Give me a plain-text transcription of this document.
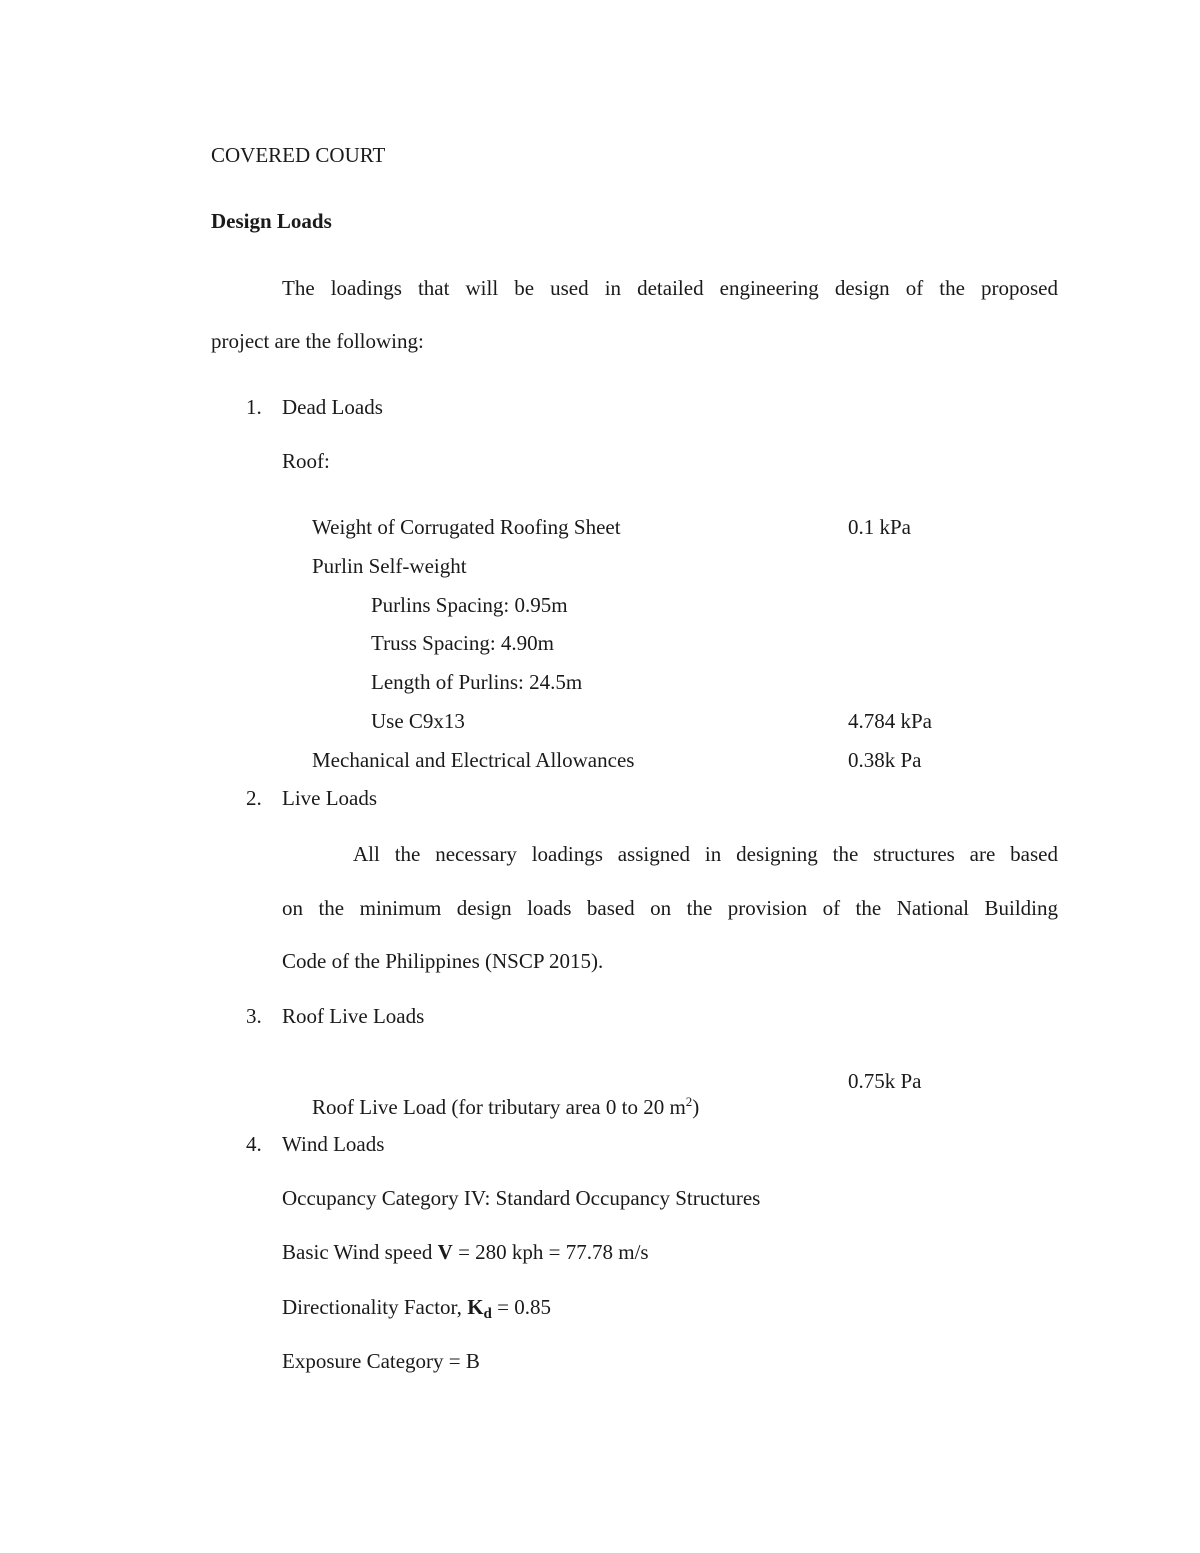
COVERED COURT
Design Loads
The loadings that will be used in detailed engineering design of the proposed
project are the following:
1. Dead Loads
Roof:
Weight of Corrugated Roofing Sheet	0.1 kPa
Purlin Self-weight
Purlins Spacing: 0.95m
Truss Spacing: 4.90m
Length of Purlins: 24.5m
Use C9x13	4.784 kPa
Mechanical and Electrical Allowances	0.38k Pa
2. Live Loads
All the necessary loadings assigned in designing the structures are based
on the minimum design loads based on the provision of the National Building
Code of the Philippines (NSCP 2015).
3. Roof Live Loads
0.75k Pa
Roof Live Load (for tributary area 0 to 20 $m^2$)
4. Wind Loads
Occupancy Category IV: Standard Occupancy Structures
Basic Wind speed V = 280 kph = 77.78 m/s
Directionality Factor, $K_d = 0.85$
Exposure Category = B
